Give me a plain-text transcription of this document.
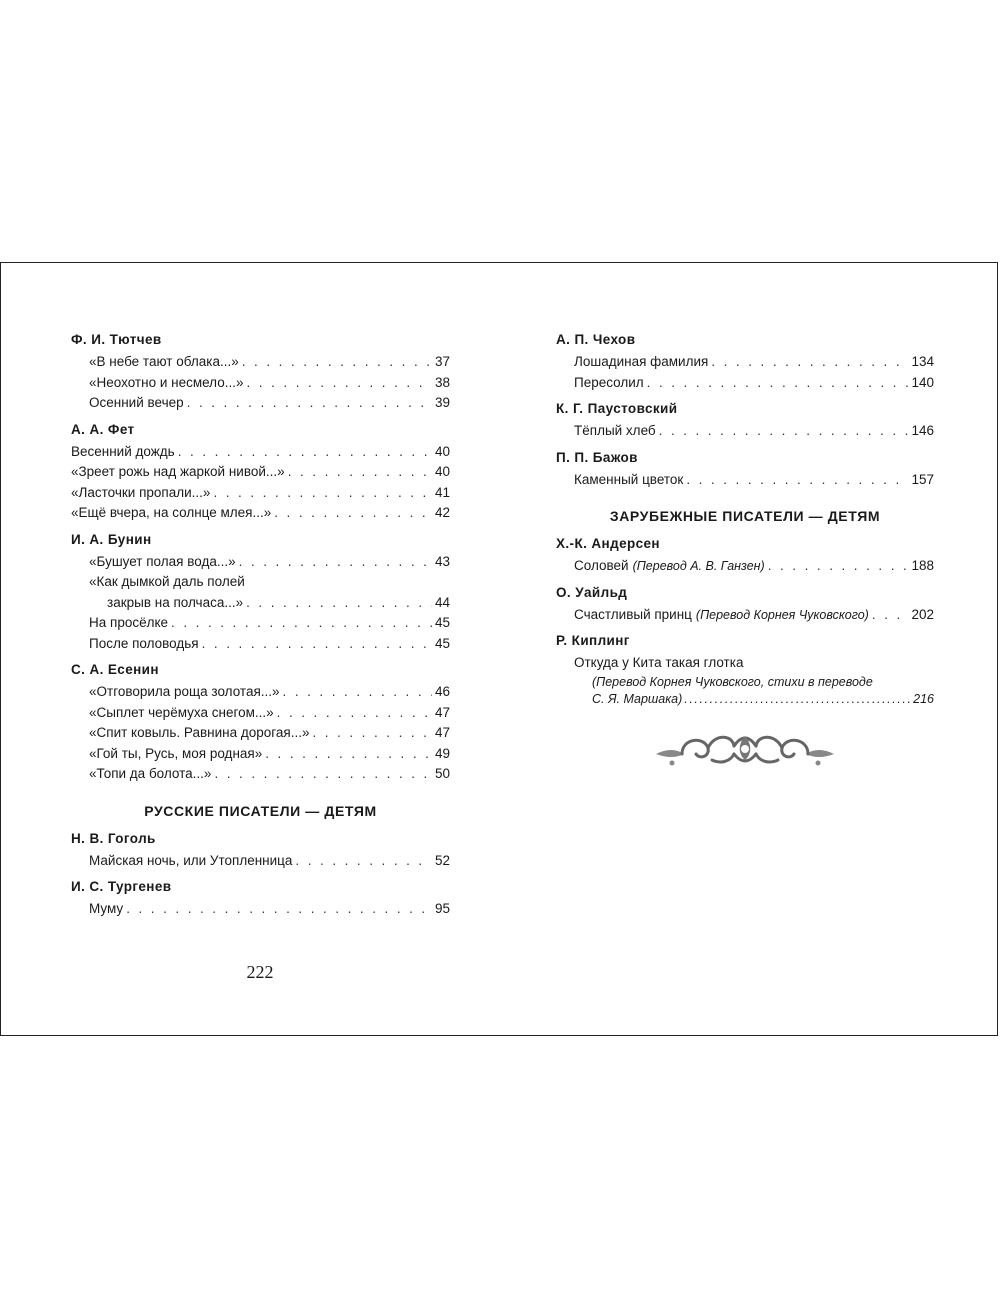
Ф. И. Тютчев
«В небе тают облака...» . . .	37
«Неохотно и несмело...» . . .	38
Осенний вечер . . .	39
А. А. Фет
Весенний дождь . . .	40
«Зреет рожь над жаркой нивой...» . . .	40
«Ласточки пропали...» . . .	41
«Ещё вчера, на солнце млея...» . . .	42
И. А. Бунин
«Бушует полая вода...» . . .	43
«Как дымкой даль полей
закрыв на полчаса...» . . .	44
На просёлке . . .	45
После половодья . . .	45
С. А. Есенин
«Отговорила роща золотая...» . . .	46
«Сыплет черёмуха снегом...» . . .	47
«Спит ковыль. Равнина дорогая...» . . .	47
«Гой ты, Русь, моя родная» . . .	49
«Топи да болота...» . . .	50
РУССКИЕ ПИСАТЕЛИ — ДЕТЯМ
Н. В. Гоголь
Майская ночь, или Утопленница . . .	52
И. С. Тургенев
Муму . . .	95
222
А. П. Чехов
Лошадиная фамилия . . .	134
Пересолил . . .	140
К. Г. Паустовский
Тёплый хлеб . . .	146
П. П. Бажов
Каменный цветок . . .	157
ЗАРУБЕЖНЫЕ ПИСАТЕЛИ — ДЕТЯМ
Х.-К. Андерсен
Соловей (Перевод А. В. Ганзен) . . .	188
О. Уайльд
Счастливый принц (Перевод Корнея Чуковского) . . .	202
Р. Киплинг
Откуда у Кита такая глотка
(Перевод Корнея Чуковского, стихи в переводе
С. Я. Маршака) .....	216
